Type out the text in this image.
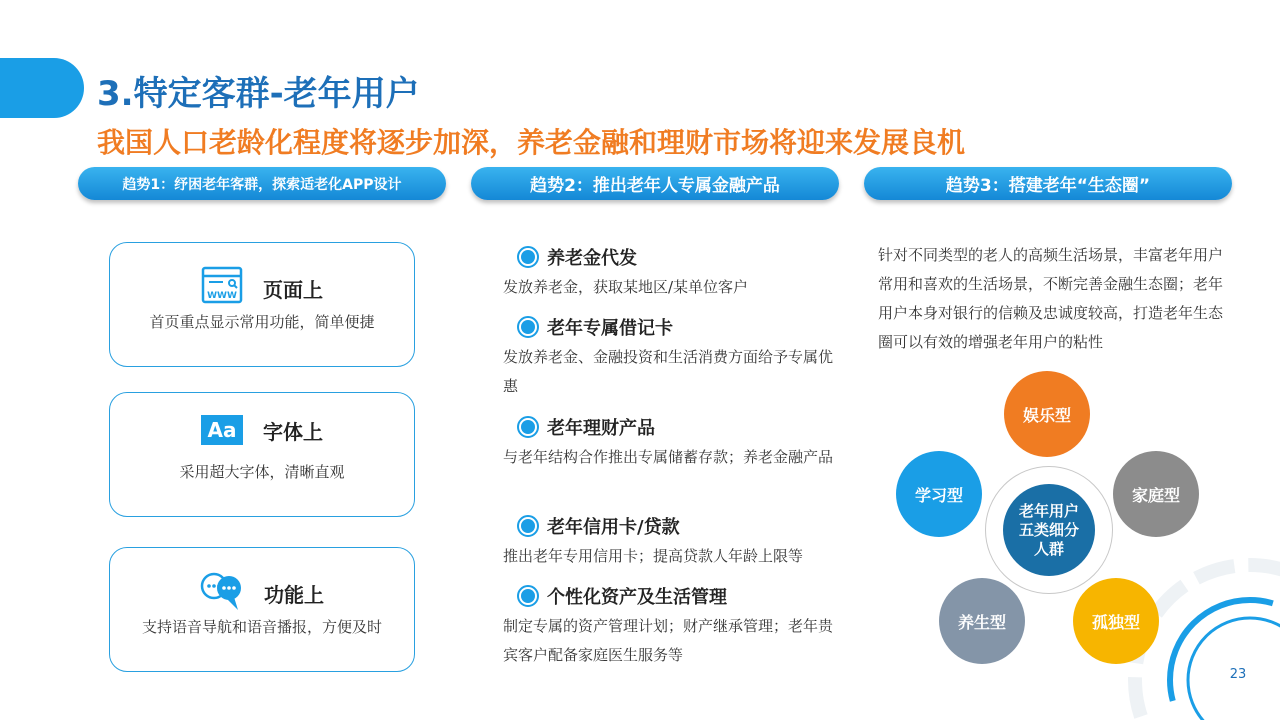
3.特定客群-老年用户
我国人口老龄化程度将逐步加深，养老金融和理财市场将迎来发展良机
趋势1：纾困老年客群，探索适老化APP设计	趋势2：推出老年人专属金融产品	趋势3：搭建老年“生态圈”
WWW 页面上
首页重点显示常用功能，简单便捷
Aa	字体上
采用超大字体，清晰直观
功能上
支持语音导航和语音播报，方便及时
养老金代发
发放养老金，获取某地区/某单位客户
老年专属借记卡
发放养老金、金融投资和生活消费方面给予专属优惠
老年理财产品
与老年结构合作推出专属储蓄存款；养老金融产品
老年信用卡/贷款
推出老年专用信用卡；提高贷款人年龄上限等
个性化资产及生活管理
制定专属的资产管理计划；财产继承管理；老年贵宾客户配备家庭医生服务等
针对不同类型的老人的高频生活场景，丰富老年用户常用和喜欢的生活场景，不断完善金融生态圈；老年用户本身对银行的信赖及忠诚度较高，打造老年生态圈可以有效的增强老年用户的粘性
老年用户五类细分人群
娱乐型
家庭型
孤独型
养生型
学习型
23
